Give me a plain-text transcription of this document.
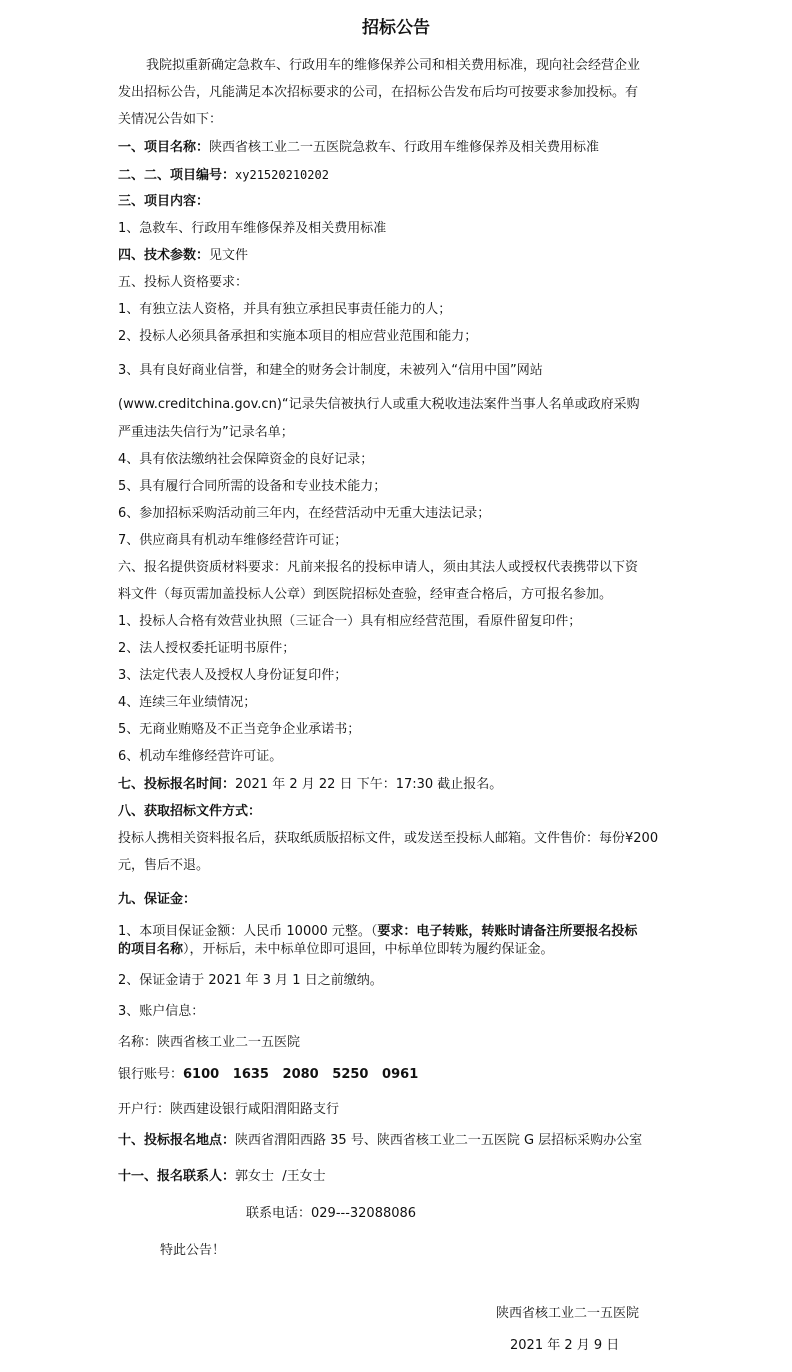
招标公告
我院拟重新确定急救车、行政用车的维修保养公司和相关费用标准，现向社会经营企业
发出招标公告，凡能满足本次招标要求的公司，在招标公告发布后均可按要求参加投标。有
关情况公告如下：
一、项目名称：陕西省核工业二一五医院急救车、行政用车维修保养及相关费用标准
二、二、项目编号：xy21520210202
三、项目内容：
1、急救车、行政用车维修保养及相关费用标准
四、技术参数：见文件
五、投标人资格要求：
1、有独立法人资格，并具有独立承担民事责任能力的人；
2、投标人必须具备承担和实施本项目的相应营业范围和能力；
3、具有良好商业信誉，和建全的财务会计制度，未被列入“信用中国”网站
(www.creditchina.gov.cn)“记录失信被执行人或重大税收违法案件当事人名单或政府采购
严重违法失信行为”记录名单；
4、具有依法缴纳社会保障资金的良好记录；
5、具有履行合同所需的设备和专业技术能力；
6、参加招标采购活动前三年内，在经营活动中无重大违法记录；
7、供应商具有机动车维修经营许可证；
六、报名提供资质材料要求：凡前来报名的投标申请人，须由其法人或授权代表携带以下资
料文件（每页需加盖投标人公章）到医院招标处查验，经审查合格后，方可报名参加。
1、投标人合格有效营业执照（三证合一）具有相应经营范围，看原件留复印件；
2、法人授权委托证明书原件；
3、法定代表人及授权人身份证复印件；
4、连续三年业绩情况；
5、无商业贿赂及不正当竞争企业承诺书；
6、机动车维修经营许可证。
七、投标报名时间：2021 年 2 月 22 日 下午：17:30 截止报名。
八、获取招标文件方式：
投标人携相关资料报名后，获取纸质版招标文件，或发送至投标人邮箱。文件售价：每份¥200
元，售后不退。
九、保证金：
1、本项目保证金额：人民币 10000 元整。（要求：电子转账，转账时请备注所要报名投标
的项目名称），开标后，未中标单位即可退回，中标单位即转为履约保证金。
2、保证金请于 2021 年 3 月 1 日之前缴纳。
3、账户信息：
名称：陕西省核工业二一五医院
银行账号：6100   1635   2080   5250   0961
开户行：陕西建设银行咸阳渭阳路支行
十、投标报名地点：陕西省渭阳西路 35 号、陕西省核工业二一五医院 G 层招标采购办公室
十一、报名联系人：郭女士  /王女士
联系电话：029---32088086
特此公告！
陕西省核工业二一五医院
2021 年 2 月 9 日
